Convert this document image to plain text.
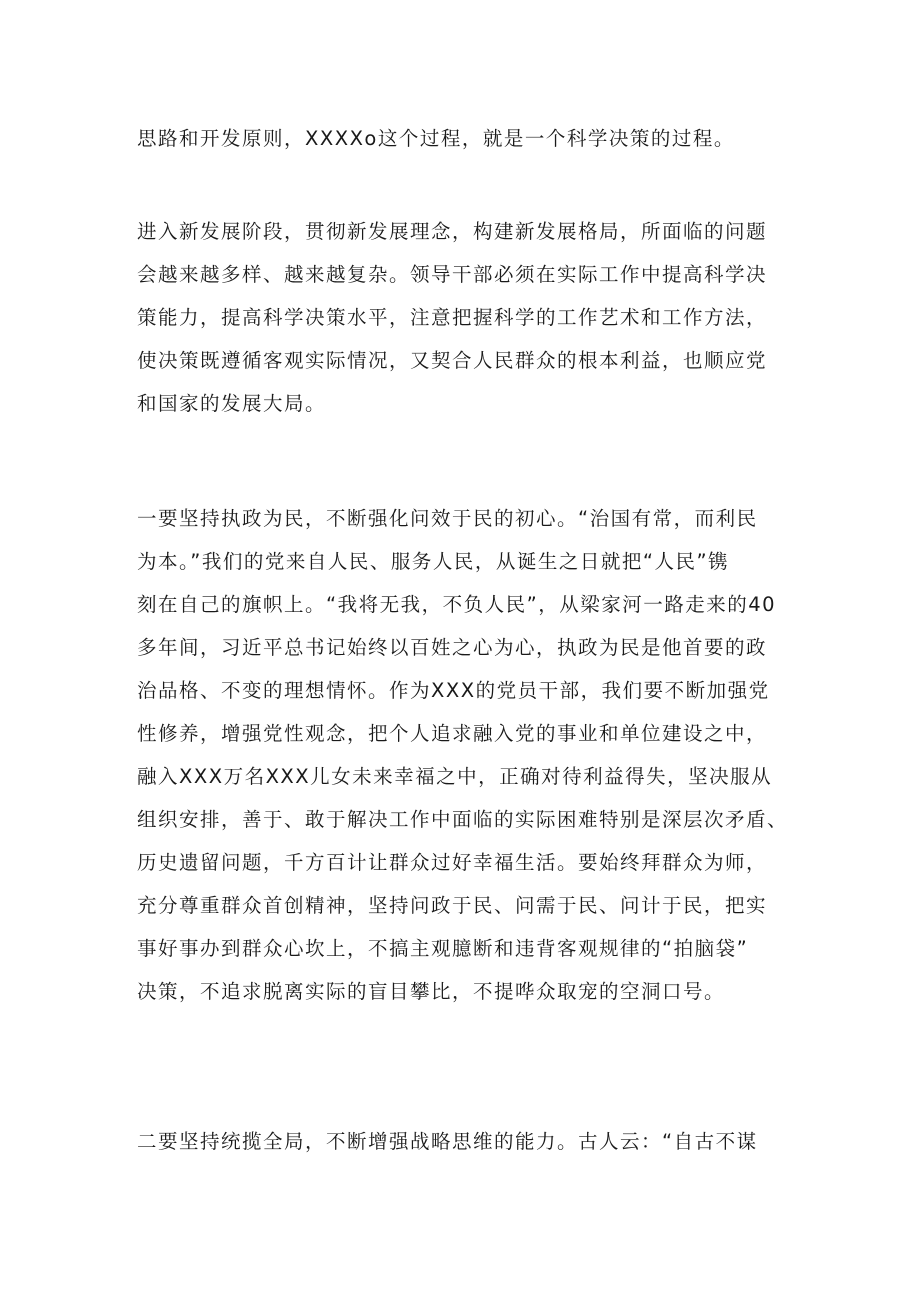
思路和开发原则，XXXXo这个过程，就是一个科学决策的过程。
进入新发展阶段，贯彻新发展理念，构建新发展格局，所面临的问题
会越来越多样、越来越复杂。领导干部必须在实际工作中提高科学决
策能力，提高科学决策水平，注意把握科学的工作艺术和工作方法，
使决策既遵循客观实际情况，又契合人民群众的根本利益，也顺应党
和国家的发展大局。
一要坚持执政为民，不断强化问效于民的初心。“治国有常，而利民
为本。”我们的党来自人民、服务人民，从诞生之日就把“人民”镌
刻在自己的旗帜上。“我将无我，不负人民”，从梁家河一路走来的40
多年间，习近平总书记始终以百姓之心为心，执政为民是他首要的政
治品格、不变的理想情怀。作为XXX的党员干部，我们要不断加强党
性修养，增强党性观念，把个人追求融入党的事业和单位建设之中，
融入XXX万名XXX儿女未来幸福之中，正确对待利益得失，坚决服从
组织安排，善于、敢于解决工作中面临的实际困难特别是深层次矛盾、
历史遗留问题，千方百计让群众过好幸福生活。要始终拜群众为师，
充分尊重群众首创精神，坚持问政于民、问需于民、问计于民，把实
事好事办到群众心坎上，不搞主观臆断和违背客观规律的“拍脑袋”
决策，不追求脱离实际的盲目攀比，不提哗众取宠的空洞口号。
二要坚持统揽全局，不断增强战略思维的能力。古人云：“自古不谋
